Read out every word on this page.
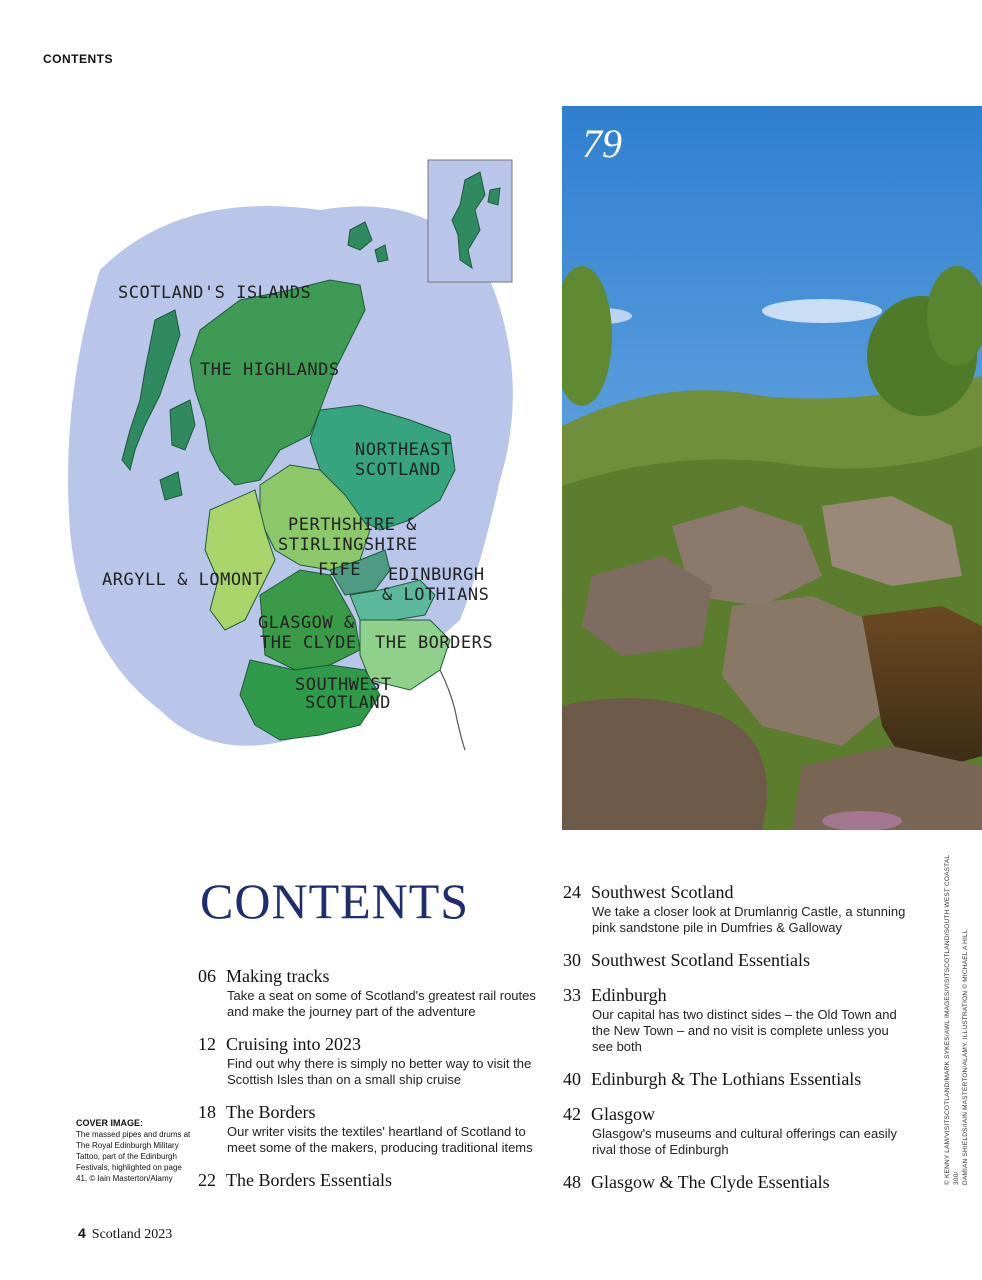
CONTENTS
SCOTLAND'S ISLANDS
THE HIGHLANDS
NORTHEAST
SCOTLAND
PERTHSHIRE &
STIRLINGSHIRE
ARGYLL & LOMONT	FIFE EDINBURGH
& LOTHIANS
GLASGOW &
THE CLYDE THE BORDERS
SOUTHWEST
SCOTLAND
79
CONTENTS
06 Making tracks
Take a seat on some of Scotland's greatest rail routes and make the journey part of the adventure
12 Cruising into 2023
Find out why there is simply no better way to visit the Scottish Isles than on a small ship cruise
18 The Borders
Our writer visits the textiles' heartland of Scotland to meet some of the makers, producing traditional items
22 The Borders Essentials
24 Southwest Scotland
We take a closer look at Drumlanrig Castle, a stunning pink sandstone pile in Dumfries & Galloway
30 Southwest Scotland Essentials
33 Edinburgh
Our capital has two distinct sides – the Old Town and the New Town – and no visit is complete unless you see both
40 Edinburgh & The Lothians Essentials
42 Glasgow
Glasgow's museums and cultural offerings can easily rival those of Edinburgh
48 Glasgow & The Clyde Essentials
COVER IMAGE:
The massed pipes and drums at The Royal Edinburgh Military Tattoo, part of the Edinburgh Festivals, highlighted on page 41. © Iain Masterton/Alamy
4 Scotland 2023
© KENNY LAM/VISITSCOTLAND/MARK SYKES/AWL IMAGES/VISITSCOTLAND/SOUTH WEST COASTAL 300/ DAMIAN SHIELDS/IAIN MASTERTON/ALAMY. ILLUSTRATION © MICHAEL A HILL
